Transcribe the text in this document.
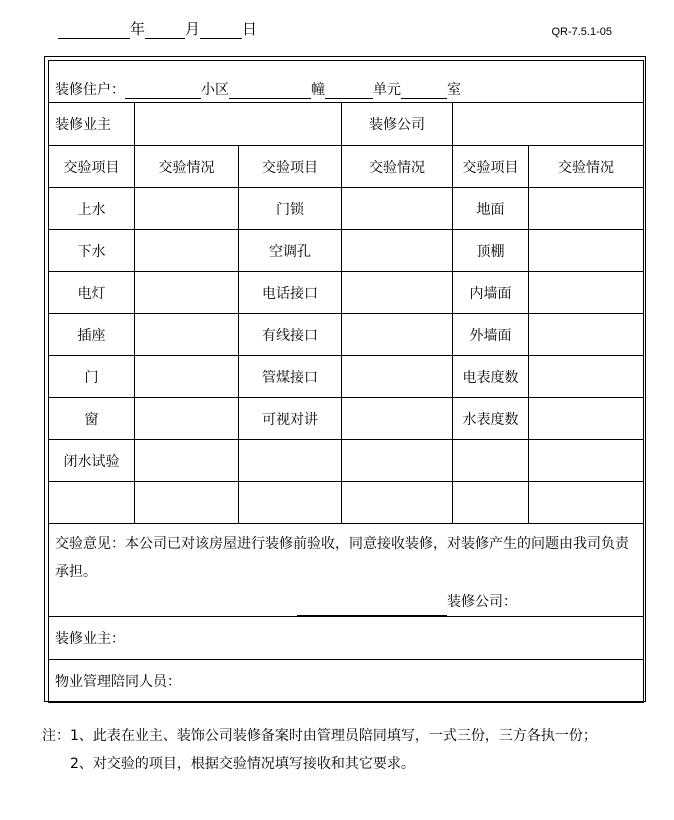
年	月	日	QR-7.5.1-05
装修住户： 小区 幢 单元 室					
装修业主			装修公司		
交验项目	交验情况	交验项目	交验情况	交验项目	交验情况
上水		门锁		地面	
下水		空调孔		顶棚	
电灯		电话接口		内墙面	
插座		有线接口		外墙面	
门		管煤接口		电表度数	
窗		可视对讲		水表度数	
闭水试验					

交验意见：本公司已对该房屋进行装修前验收，同意接收装修，对装修产生的问题由我司负责承担。
装修公司：					

装修业主：					
物业管理陪同人员：					
注：1、此表在业主、装饰公司装修备案时由管理员陪同填写，一式三份，三方各执一份；
2、对交验的项目，根据交验情况填写接收和其它要求。
